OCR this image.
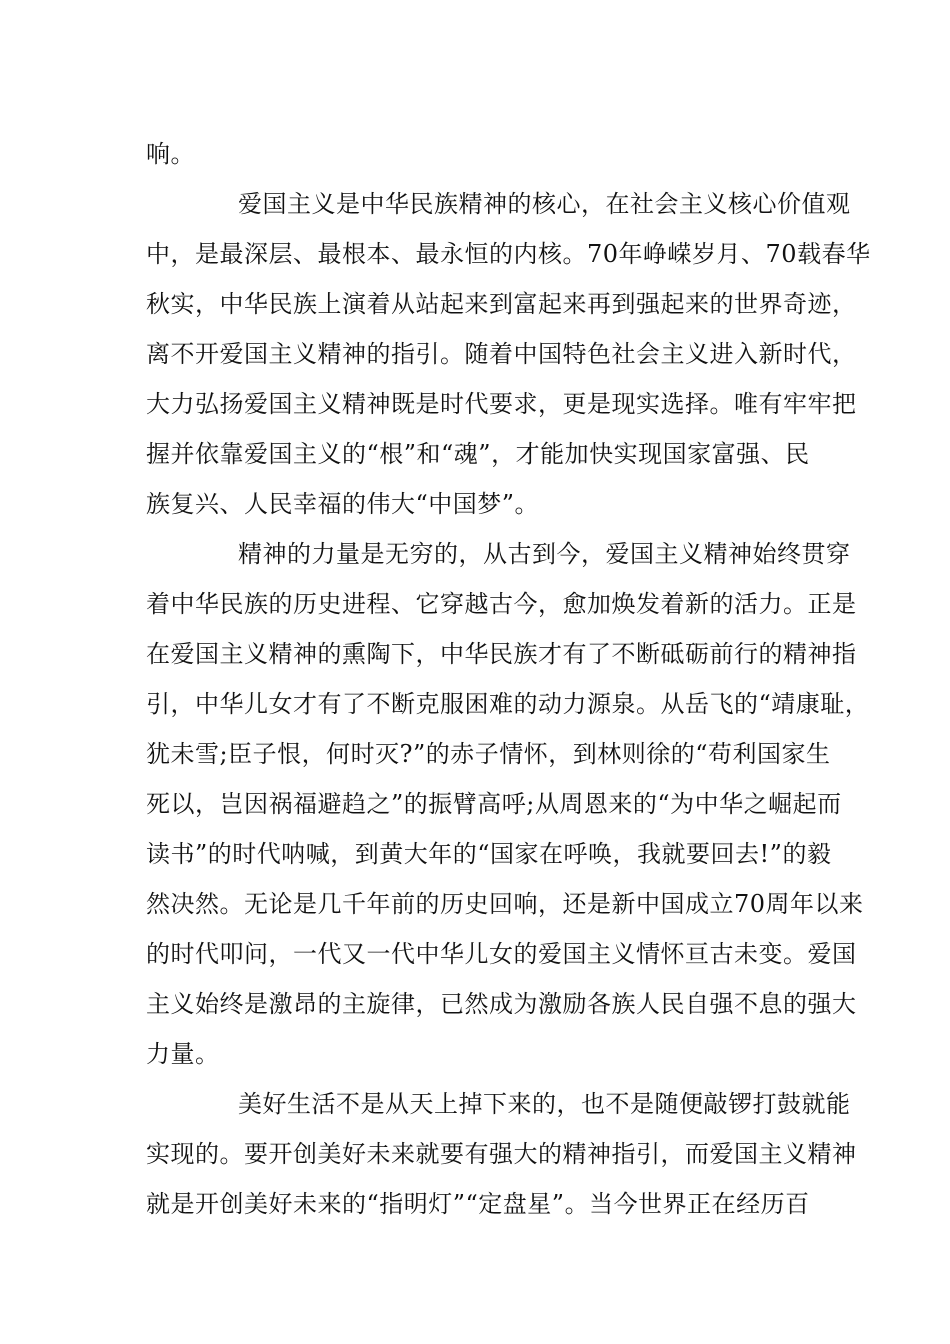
响。
爱国主义是中华民族精神的核心，在社会主义核心价值观
中，是最深层、最根本、最永恒的内核。70年峥嵘岁月、70载春华
秋实，中华民族上演着从站起来到富起来再到强起来的世界奇迹，
离不开爱国主义精神的指引。随着中国特色社会主义进入新时代，
大力弘扬爱国主义精神既是时代要求，更是现实选择。唯有牢牢把
握并依靠爱国主义的“根”和“魂”，才能加快实现国家富强、民
族复兴、人民幸福的伟大“中国梦”。
精神的力量是无穷的，从古到今，爱国主义精神始终贯穿
着中华民族的历史进程、它穿越古今，愈加焕发着新的活力。正是
在爱国主义精神的熏陶下，中华民族才有了不断砥砺前行的精神指
引，中华儿女才有了不断克服困难的动力源泉。从岳飞的“靖康耻，
犹未雪;臣子恨，何时灭?”的赤子情怀，到林则徐的“苟利国家生
死以，岂因祸福避趋之”的振臂高呼;从周恩来的“为中华之崛起而
读书”的时代呐喊，到黄大年的“国家在呼唤，我就要回去!”的毅
然决然。无论是几千年前的历史回响，还是新中国成立70周年以来
的时代叩问，一代又一代中华儿女的爱国主义情怀亘古未变。爱国
主义始终是激昂的主旋律，已然成为激励各族人民自强不息的强大
力量。
美好生活不是从天上掉下来的，也不是随便敲锣打鼓就能
实现的。要开创美好未来就要有强大的精神指引，而爱国主义精神
就是开创美好未来的“指明灯”“定盘星”。当今世界正在经历百
